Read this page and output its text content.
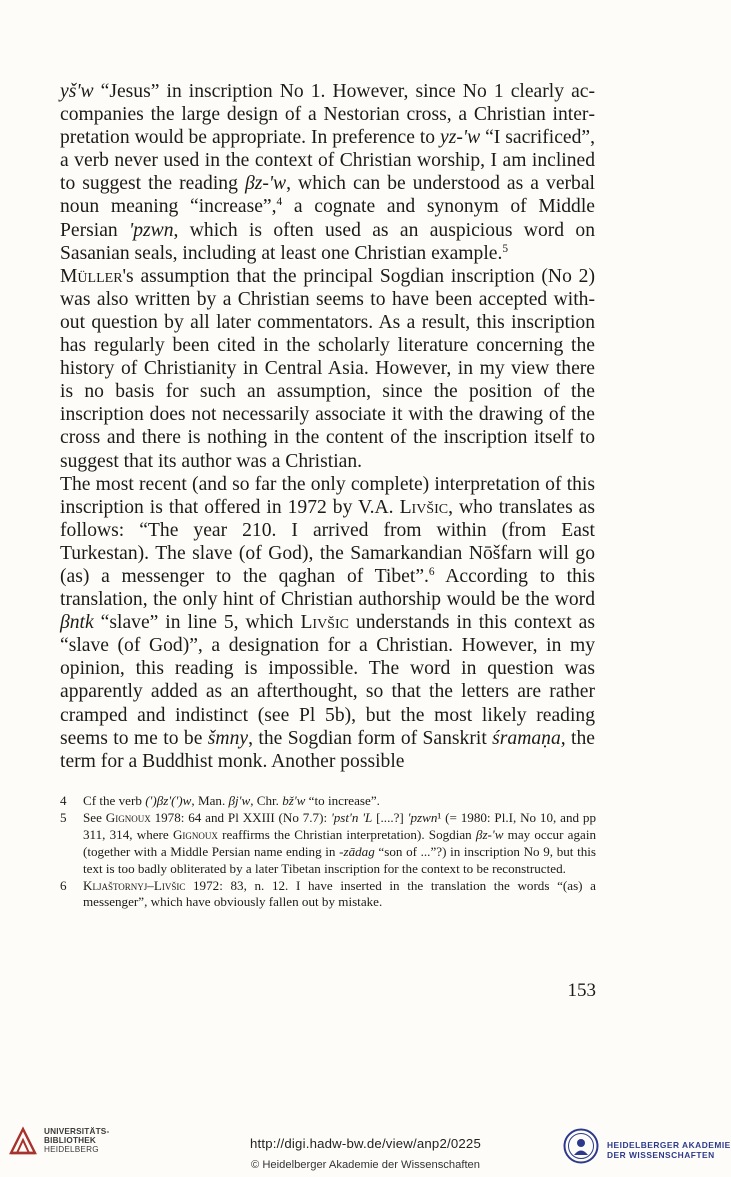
yš'w “Jesus” in inscription No 1. However, since No 1 clearly accompanies the large design of a Nestorian cross, a Christian interpretation would be appropriate. In preference to yz-'w “I sacrificed”, a verb never used in the context of Christian worship, I am inclined to suggest the reading βz-'w, which can be understood as a verbal noun meaning “increase”,$^4$ a cognate and synonym of Middle Persian 'pzwn, which is often used as an auspicious word on Sasanian seals, including at least one Christian example.$^5$

Müller's assumption that the principal Sogdian inscription (No 2) was also written by a Christian seems to have been accepted without question by all later commentators. As a result, this inscription has regularly been cited in the scholarly literature concerning the history of Christianity in Central Asia. However, in my view there is no basis for such an assumption, since the position of the inscription does not necessarily associate it with the drawing of the cross and there is nothing in the content of the inscription itself to suggest that its author was a Christian.

The most recent (and so far the only complete) interpretation of this inscription is that offered in 1972 by V.A. Livšic, who translates as follows: “The year 210. I arrived from within (from East Turkestan). The slave (of God), the Samarkandian Nōšfarn will go (as) a messenger to the qaghan of Tibet”.$^6$ According to this translation, the only hint of Christian authorship would be the word βntk “slave” in line 5, which Livšic understands in this context as “slave (of God)”, a designation for a Christian. However, in my opinion, this reading is impossible. The word in question was apparently added as an afterthought, so that the letters are rather cramped and indistinct (see Pl 5b), but the most likely reading seems to me to be šmny, the Sogdian form of Sanskrit śramaṇa, the term for a Buddhist monk. Another possible

4	Cf the verb (')βz'(')w, Man. βj'w, Chr. bž'w “to increase”.
5	See Gignoux 1978: 64 and Pl XXIII (No 7.7): 'pst'n 'L [....?] 'pzwn¹ (= 1980: Pl.I, No 10, and pp 311, 314, where Gignoux reaffirms the Christian interpretation). Sogdian βz-'w may occur again (together with a Middle Persian name ending in -zādag “son of ...”?) in inscription No 9, but this text is too badly obliterated by a later Tibetan inscription for the context to be reconstructed.
6	Kljaštornyj–Livšic 1972: 83, n. 12. I have inserted in the translation the words “(as) a messenger”, which have obviously fallen out by mistake.
153
UNIVERSITÄTS-
BIBLIOTHEK
HEIDELBERG	http://digi.hadw-bw.de/view/anp2/0225
© Heidelberger Akademie der Wissenschaften
HEIDELBERGER AKADEMIE
DER WISSENSCHAFTEN
